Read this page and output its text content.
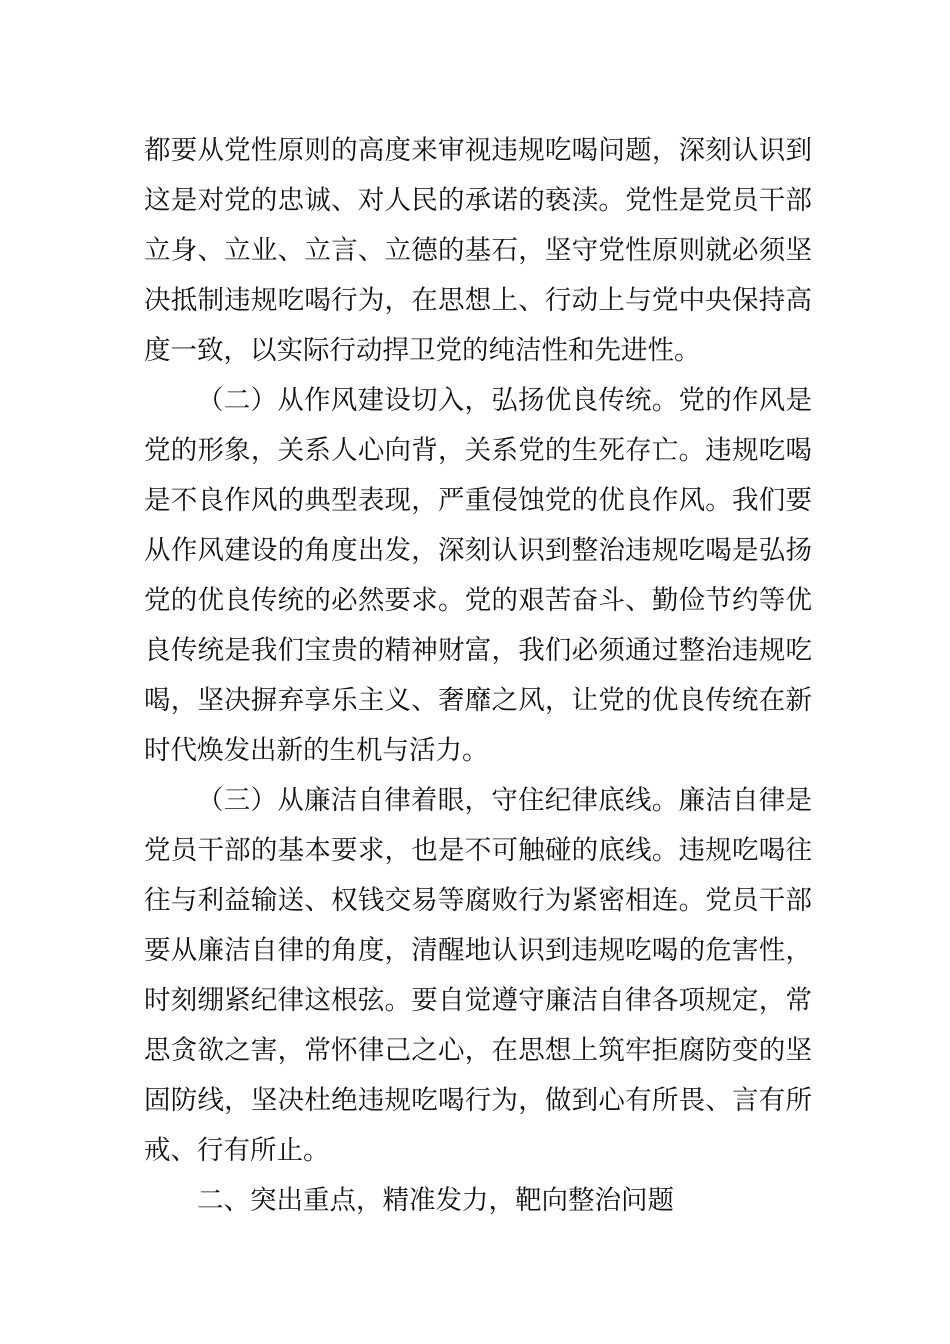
都要从党性原则的高度来审视违规吃喝问题，深刻认识到这是对党的忠诚、对人民的承诺的亵渎。党性是党员干部立身、立业、立言、立德的基石，坚守党性原则就必须坚决抵制违规吃喝行为，在思想上、行动上与党中央保持高度一致，以实际行动捍卫党的纯洁性和先进性。

（二）从作风建设切入，弘扬优良传统。党的作风是党的形象，关系人心向背，关系党的生死存亡。违规吃喝是不良作风的典型表现，严重侵蚀党的优良作风。我们要从作风建设的角度出发，深刻认识到整治违规吃喝是弘扬党的优良传统的必然要求。党的艰苦奋斗、勤俭节约等优良传统是我们宝贵的精神财富，我们必须通过整治违规吃喝，坚决摒弃享乐主义、奢靡之风，让党的优良传统在新时代焕发出新的生机与活力。

（三）从廉洁自律着眼，守住纪律底线。廉洁自律是党员干部的基本要求，也是不可触碰的底线。违规吃喝往往与利益输送、权钱交易等腐败行为紧密相连。党员干部要从廉洁自律的角度，清醒地认识到违规吃喝的危害性，时刻绷紧纪律这根弦。要自觉遵守廉洁自律各项规定，常思贪欲之害，常怀律己之心，在思想上筑牢拒腐防变的坚固防线，坚决杜绝违规吃喝行为，做到心有所畏、言有所戒、行有所止。

二、突出重点，精准发力，靶向整治问题
